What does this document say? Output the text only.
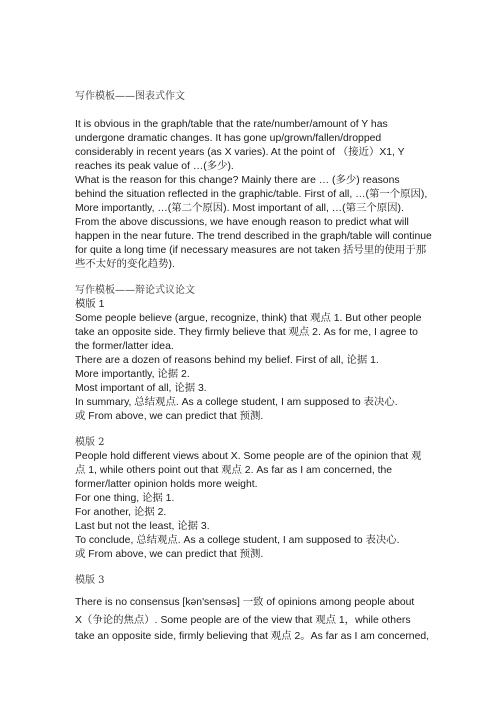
写作模板——图表式作文
It is obvious in the graph/table that the rate/number/amount of Y has
undergone dramatic changes. It has gone up/grown/fallen/dropped
considerably in recent years (as X varies). At the point of （接近）X1, Y
reaches its peak value of …(多少).
What is the reason for this change? Mainly there are … (多少) reasons
behind the situation reflected in the graphic/table. First of all, …(第一个原因),
More importantly, …(第二个原因). Most important of all, …(第三个原因).
From the above discussions, we have enough reason to predict what will
happen in the near future. The trend described in the graph/table will continue
for quite a long time (if necessary measures are not taken 括号里的使用于那
些不太好的变化趋势).
写作模板——辩论式议论文
模版 1
Some people believe (argue, recognize, think) that 观点 1. But other people
take an opposite side. They firmly believe that 观点 2. As for me, I agree to
the former/latter idea.
There are a dozen of reasons behind my belief. First of all, 论据 1.
More importantly, 论据 2.
Most important of all, 论据 3.
In summary, 总结观点. As a college student, I am supposed to 表决心.
或 From above, we can predict that 预测.
模版 2
People hold different views about X. Some people are of the opinion that 观
点 1, while others point out that 观点 2. As far as I am concerned, the
former/latter opinion holds more weight.
For one thing, 论据 1.
For another, 论据 2.
Last but not the least, 论据 3.
To conclude, 总结观点. As a college student, I am supposed to 表决心.
或 From above, we can predict that 预测.
模版 3
There is no consensus [kən'sensəs] 一致 of opinions among people about
X（争论的焦点）. Some people are of the view that 观点 1，while others
take an opposite side, firmly believing that 观点 2。As far as I am concerned,
